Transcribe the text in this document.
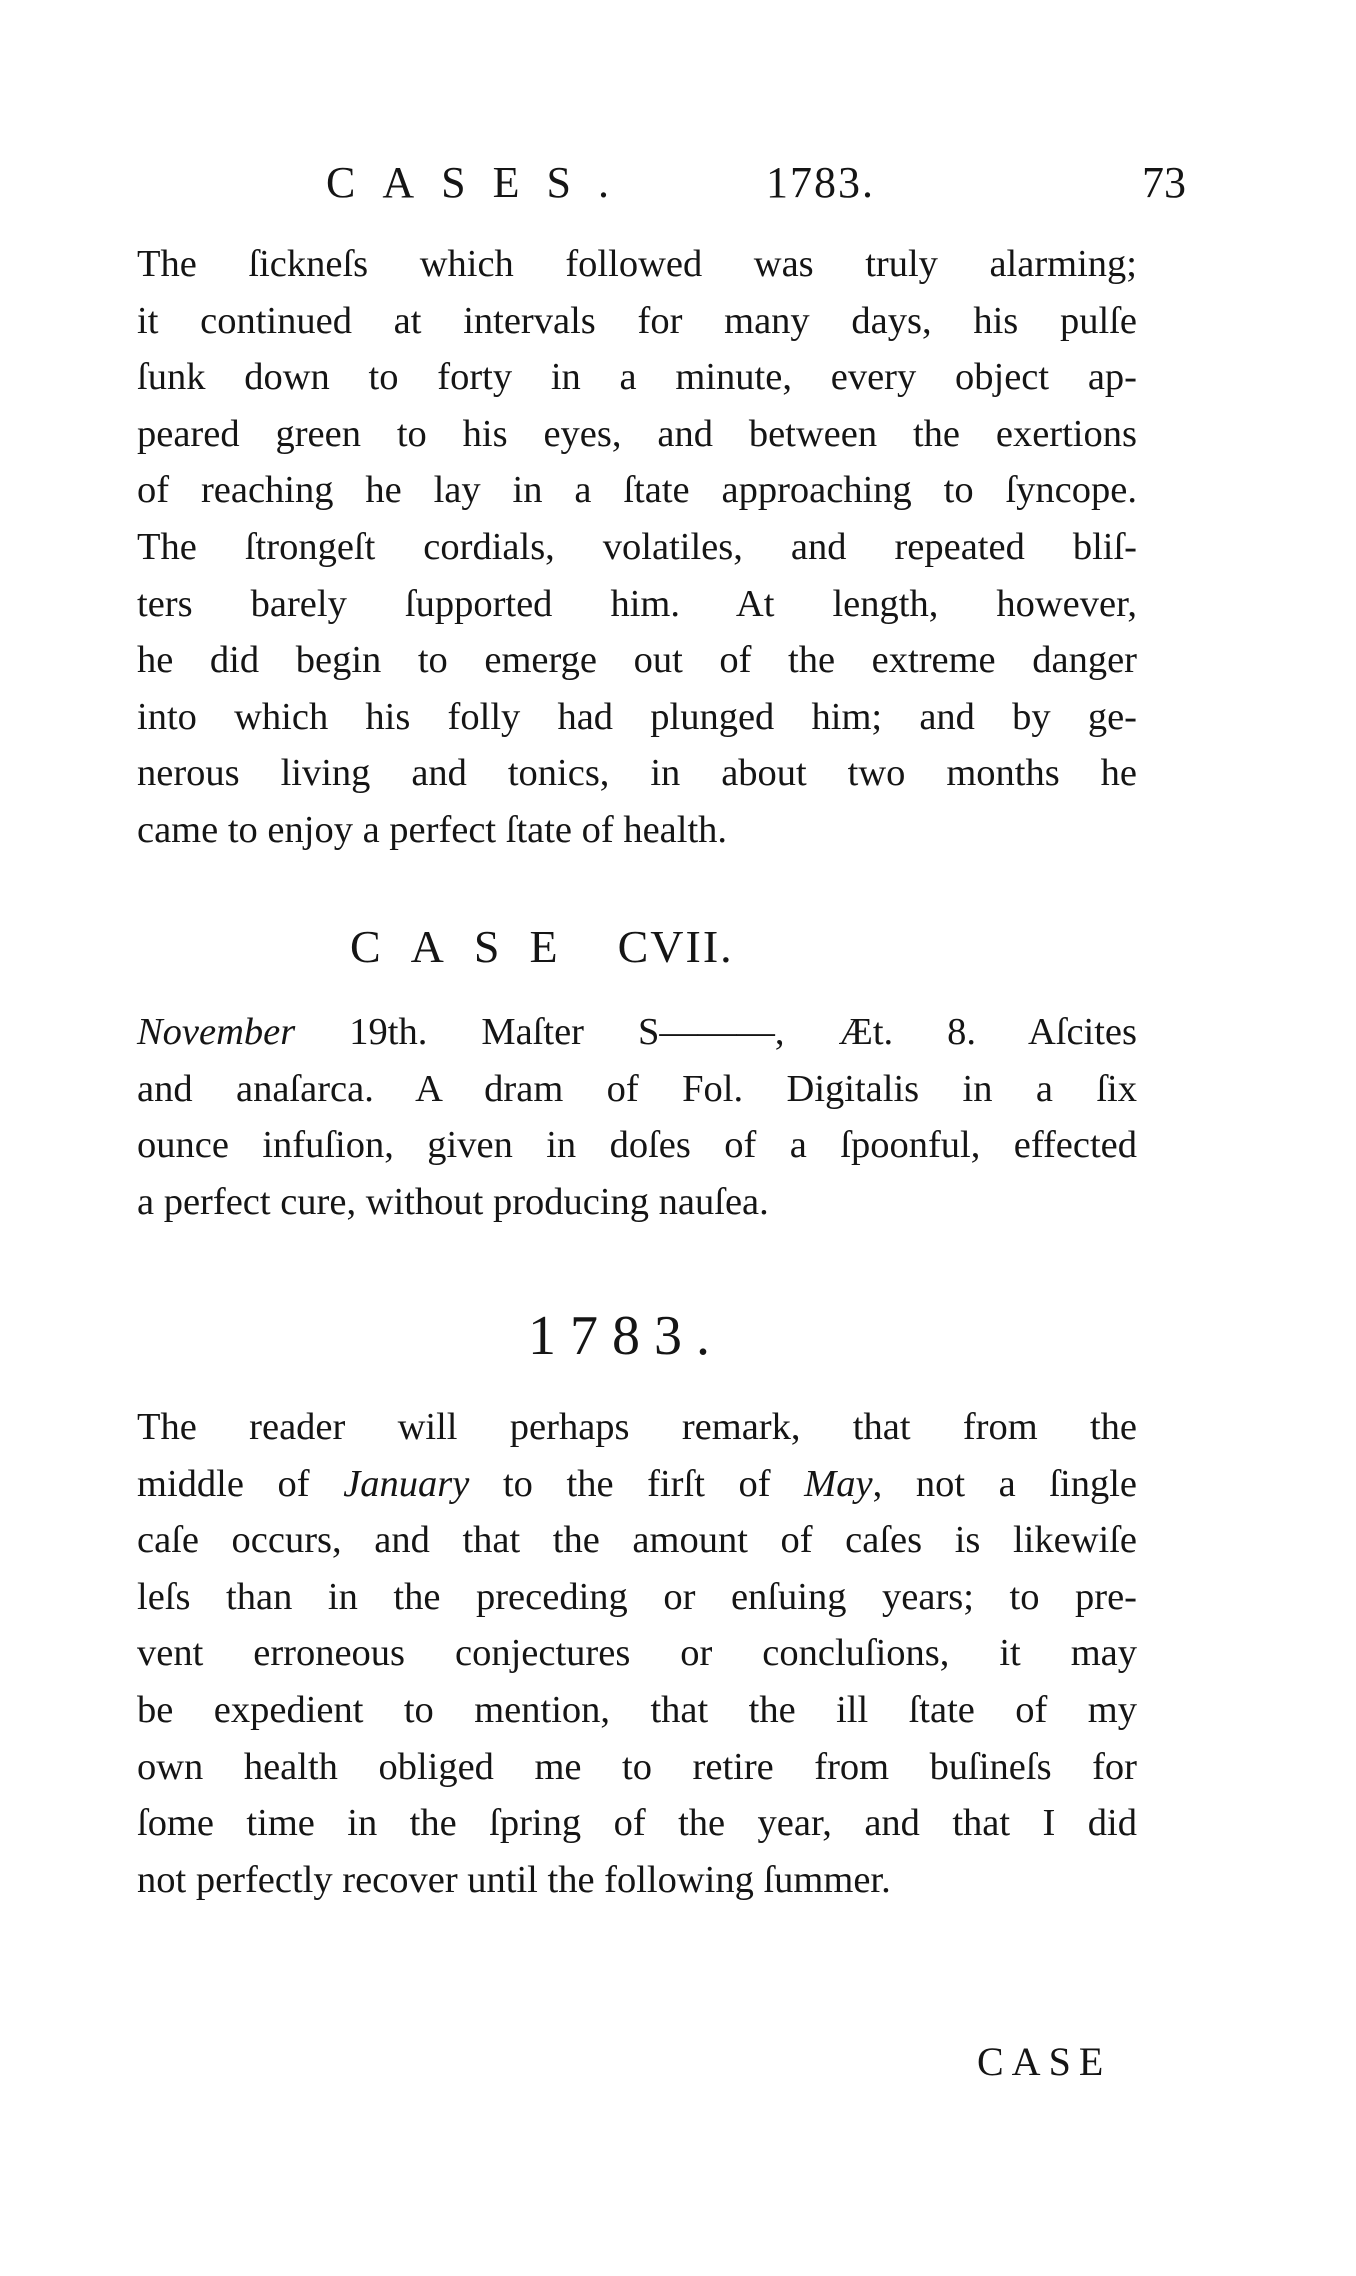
CASES.	1783.	73
The ſickneſs which followed was truly alarming;
it continued at intervals for many days, his pulſe
ſunk down to forty in a minute, every object ap-
peared green to his eyes, and between the exertions
of reaching he lay in a ſtate approaching to ſyncope.
The ſtrongeſt cordials, volatiles, and repeated bliſ-
ters barely ſupported him. At length, however,
he did begin to emerge out of the extreme danger
into which his folly had plunged him; and by ge-
nerous living and tonics, in about two months he
came to enjoy a perfect ſtate of health.
CASE CVII.
November 19th. Maſter S———, Æt. 8. Aſcites
and anaſarca. A dram of Fol. Digitalis in a ſix
ounce infuſion, given in doſes of a ſpoonful, effected
a perfect cure, without producing nauſea.
1783.
The reader will perhaps remark, that from the
middle of January to the firſt of May, not a ſingle
caſe occurs, and that the amount of caſes is likewiſe
leſs than in the preceding or enſuing years; to pre-
vent erroneous conjectures or concluſions, it may
be expedient to mention, that the ill ſtate of my
own health obliged me to retire from buſineſs for
ſome time in the ſpring of the year, and that I did
not perfectly recover until the following ſummer.
CASE
